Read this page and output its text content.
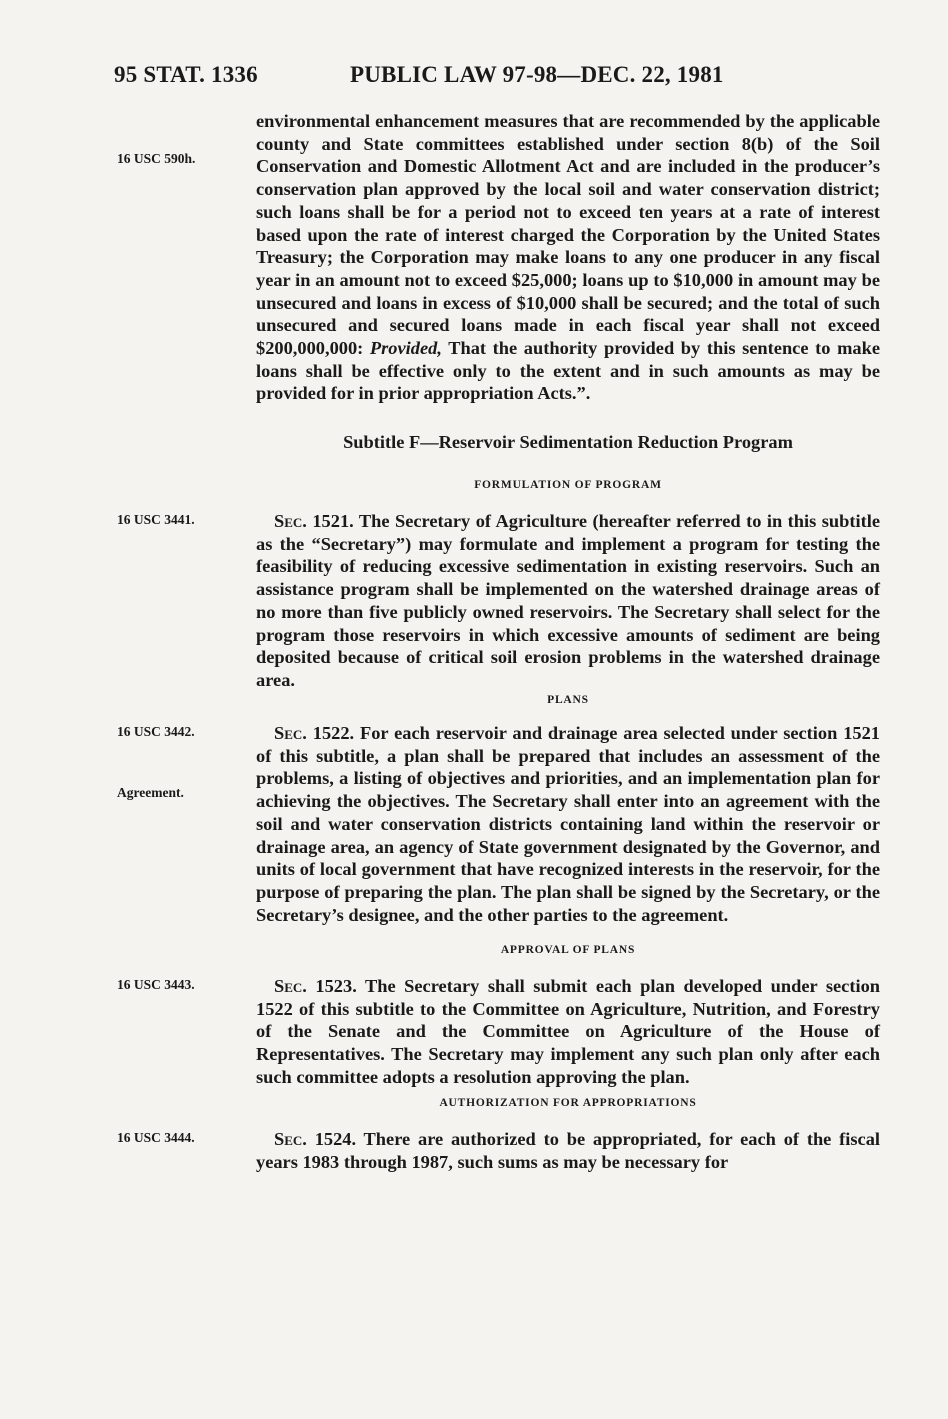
95 STAT. 1336	PUBLIC LAW 97-98—DEC. 22, 1981
environmental enhancement measures that are recommended by the applicable county and State committees established under section 8(b) of the Soil Conservation and Domestic Allotment Act and are included in the producer’s conservation plan approved by the local soil and water conservation district; such loans shall be for a period not to exceed ten years at a rate of interest based upon the rate of interest charged the Corporation by the United States Treasury; the Corporation may make loans to any one producer in any fiscal year in an amount not to exceed $25,000; loans up to $10,000 in amount may be unsecured and loans in excess of $10,000 shall be secured; and the total of such unsecured and secured loans made in each fiscal year shall not exceed $200,000,000: Provided, That the authority provided by this sentence to make loans shall be effective only to the extent and in such amounts as may be provided for in prior appropriation Acts.”.
16 USC 590h.
Subtitle F—Reservoir Sedimentation Reduction Program
FORMULATION OF PROGRAM
16 USC 3441.	Sec. 1521. The Secretary of Agriculture (hereafter referred to in this subtitle as the “Secretary”) may formulate and implement a program for testing the feasibility of reducing excessive sedimentation in existing reservoirs. Such an assistance program shall be implemented on the watershed drainage areas of no more than five publicly owned reservoirs. The Secretary shall select for the program those reservoirs in which excessive amounts of sediment are being deposited because of critical soil erosion problems in the watershed drainage area.
PLANS
16 USC 3442.
Agreement.
Sec. 1522. For each reservoir and drainage area selected under section 1521 of this subtitle, a plan shall be prepared that includes an assessment of the problems, a listing of objectives and priorities, and an implementation plan for achieving the objectives. The Secretary shall enter into an agreement with the soil and water conservation districts containing land within the reservoir or drainage area, an agency of State government designated by the Governor, and units of local government that have recognized interests in the reservoir, for the purpose of preparing the plan. The plan shall be signed by the Secretary, or the Secretary’s designee, and the other parties to the agreement.
APPROVAL OF PLANS
16 USC 3443.	Sec. 1523. The Secretary shall submit each plan developed under section 1522 of this subtitle to the Committee on Agriculture, Nutrition, and Forestry of the Senate and the Committee on Agriculture of the House of Representatives. The Secretary may implement any such plan only after each such committee adopts a resolution approving the plan.
AUTHORIZATION FOR APPROPRIATIONS
16 USC 3444.	Sec. 1524. There are authorized to be appropriated, for each of the fiscal years 1983 through 1987, such sums as may be necessary for
